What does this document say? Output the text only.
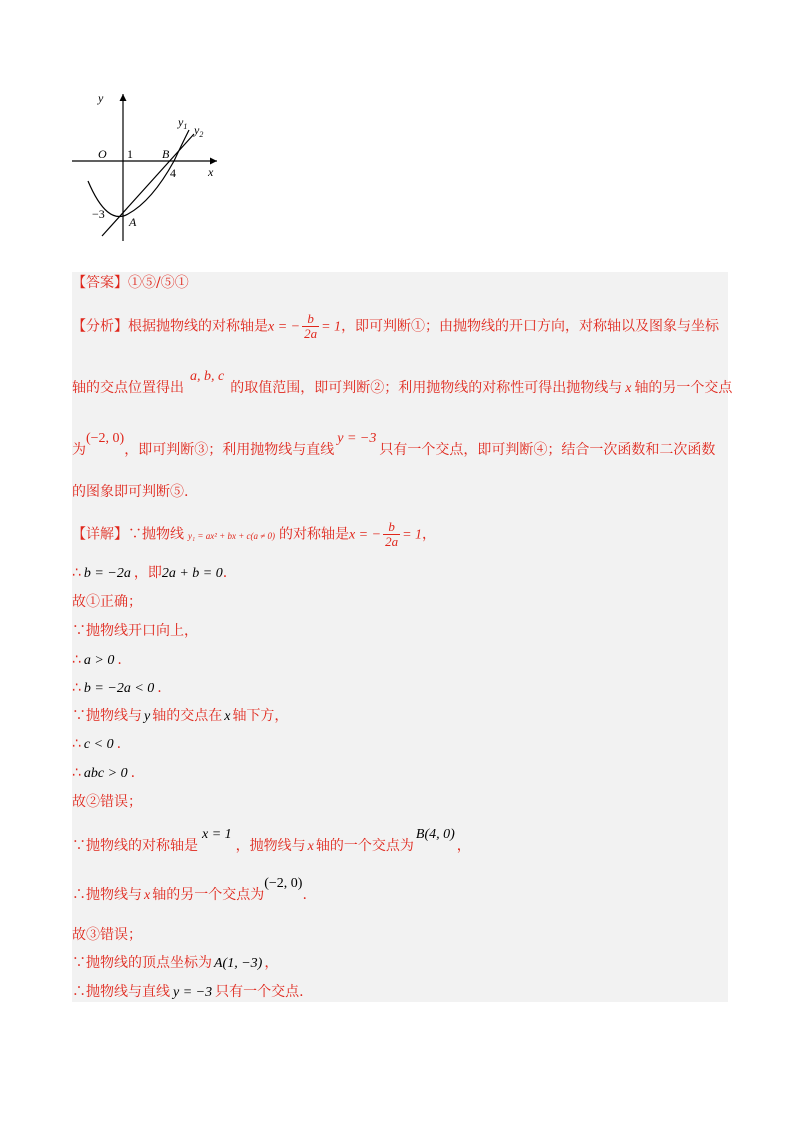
y
x
O 1
4
−3
B
A
$y_1$ $y_2$
【答案】①⑤/⑤①
【分析】根据抛物线的对称轴是x = − $\frac{b}{2a} = 1$，即可判断①；由抛物线的开口方向，对称轴以及图象与坐标
轴的交点位置得出a, b, c的取值范围，即可判断②；利用抛物线的对称性可得出抛物线与 x 轴的另一个交点
为(−2, 0)，即可判断③；利用抛物线与直线y = −3只有一个交点，即可判断④；结合一次函数和二次函数
的图象即可判断⑤.
【详解】∵抛物线 y₁ = ax² + bx + c(a ≠ 0) 的对称轴是x = − $\frac{b}{2a} = 1$，
∴ b = −2a ，即2a + b = 0.
故①正确；
∵抛物线开口向上，
∴ a > 0 .
∴ b = −2a < 0 .
∵抛物线与 y 轴的交点在 x 轴下方，
∴ c < 0 .
∴ abc > 0 .
故②错误；
∵抛物线的对称轴是x = 1，抛物线与 x 轴的一个交点为B(4, 0)，
∴抛物线与 x 轴的另一个交点为(−2, 0).
故③错误；
∵抛物线的顶点坐标为 A(1, −3) ，
∴抛物线与直线 y = −3 只有一个交点.
